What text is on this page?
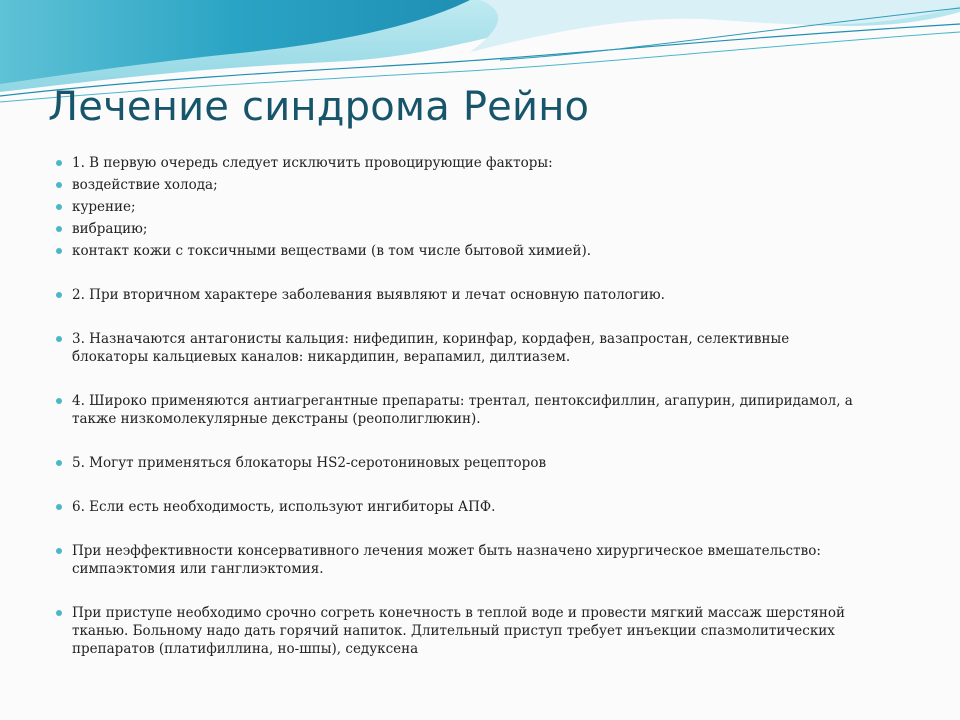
Лечение синдрома Рейно
1. В первую очередь следует исключить провоцирующие факторы:
воздействие холода;
курение;
вибрацию;
контакт кожи с токсичными веществами (в том числе бытовой химией).
2. При вторичном характере заболевания выявляют и лечат основную патологию.
3. Назначаются антагонисты кальция: нифедипин, коринфар, кордафен, вазапростан, селективные блокаторы кальциевых каналов: никардипин, верапамил, дилтиазем.
4. Широко применяются антиагрегантные препараты: трентал, пентоксифиллин, агапурин, дипиридамол, а также низкомолекулярные декстраны (реополиглюкин).
5. Могут применяться блокаторы HS2-серотониновых рецепторов
6. Если есть необходимость, используют ингибиторы АПФ.
При неэффективности консервативного лечения может быть назначено хирургическое вмешательство: симпаэктомия или ганглиэктомия.
При приступе необходимо срочно согреть конечность в теплой воде и провести мягкий массаж шерстяной тканью. Больному надо дать горячий напиток. Длительный приступ требует инъекции спазмолитических препаратов (платифиллина, но-шпы), седуксена
